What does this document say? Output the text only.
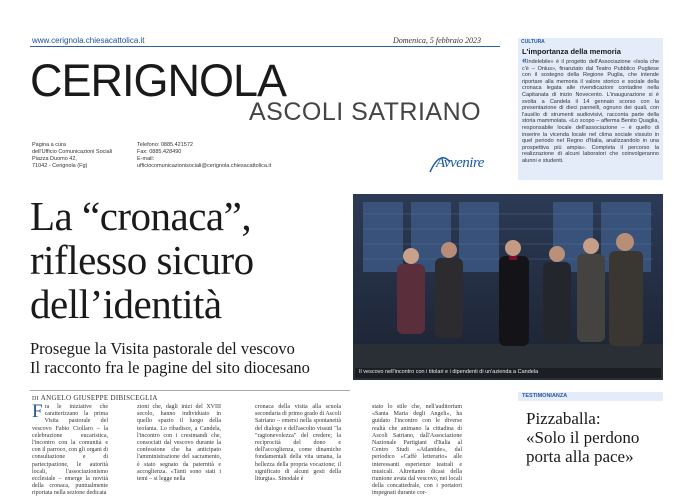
www.cerignola.chiesacattolica.it	Domenica, 5 febbraio 2023
CERIGNOLA
ASCOLI SATRIANO
Pagina a cura
dell'Ufficio Comunicazioni Sociali
Piazza Duomo 42,
71042 - Cerignola (Fg)
Telefono: 0885.421572
Fax: 0885.428490
E-mail:
ufficiocomunicazionisociali@cerignola.chiesacattolica.it	Avvenire
CULTURA
L'importanza della memoria
«Indelebile» è il progetto dell'Associazione «Isola che c'è – Onlus», finanziato dal Teatro Pubblico Pugliese con il sostegno della Regione Puglia, che intende riportare alla memoria il valore storico e sociale della cronaca legata alle rivendicazioni contadine nella Capitanata di inizio Novecento. L'inaugurazione si è svolta a Candela il 14 gennaio scorso con la presentazione di dieci pannelli, ognuno dei quali, con l'ausilio di strumenti audiovisivi, racconta parte della storia mammolata. «Lo scopo – afferma Benito Quaglia, responsabile locale dell'associazione – è quello di inserire la vicenda locale nel clima sociale vissuto in quel periodo nel Regno d'Italia, analizzandolo in una prospettiva più ampia». Completa il percorso la realizzazione di alcuni laboratori che coinvolgeranno alunni e studenti.
La “cronaca”,
riflesso sicuro
dell’identità
Prosegue la Visita pastorale del vescovo
Il racconto fra le pagine del sito diocesano	Il vescovo nell'incontro con i titolari e i dipendenti di un'azienda a Candela
DI ANGELO GIUSEPPE DIBISCEGLIA
Fra le iniziative che caratterizzano la prima Visita pastorale del vescovo Fabio Ciollaro – la celebrazione eucaristica, l'incontro con la comunità e con il parroco, con gli organi di consultazione e di partecipazione, le autorità locali, l'associazionismo ecclesiale – emerge la novità della cronaca, puntualmente riportata nella sezione dedicata
zioni che, dagli inizi del XVIII secolo, hanno individuato in quello spazio il luogo della teofania. Lo ribadisce, a Candela, l'incontro con i cresimandi che, consociati dal vescovo durante la confessione che ha anticipato l'amministrazione del sacramento, è stato segnato da paternità e accoglienza. «Tanti sono stati i temi – si legge nella
cronaca della visita alla scuola secondaria di primo grado di Ascoli Satriano – emersi nella spontaneità del dialogo e dell'ascolto vissuti "la "ragionevolezza" del credere; la reciprocità del dono e dell'accoglienza, come dinamiche fondamentali della vita umana, la bellezza della propria vocazione; il significato di alcuni gesti della liturgia». Sinodale è
stato lo stile che, nell'auditorium «Santa Maria degli Angeli», ha guidato l'incontro con le diverse realtà che animano la cittadina di Ascoli Satriano, dall'Associazione Nazionale Partigiani d'Italia al Centro Studi «Atlantide», dal periodico «Caffè letterario» alle interessanti esperienze teatrali e musicali. Altrettanto dicasi della riunione avuta dal vescovo, nei locali della concattedrale, con i portatori impegnati durante cor-
TESTIMONIANZA
Pizzaballa:
«Solo il perdono
porta alla pace»
